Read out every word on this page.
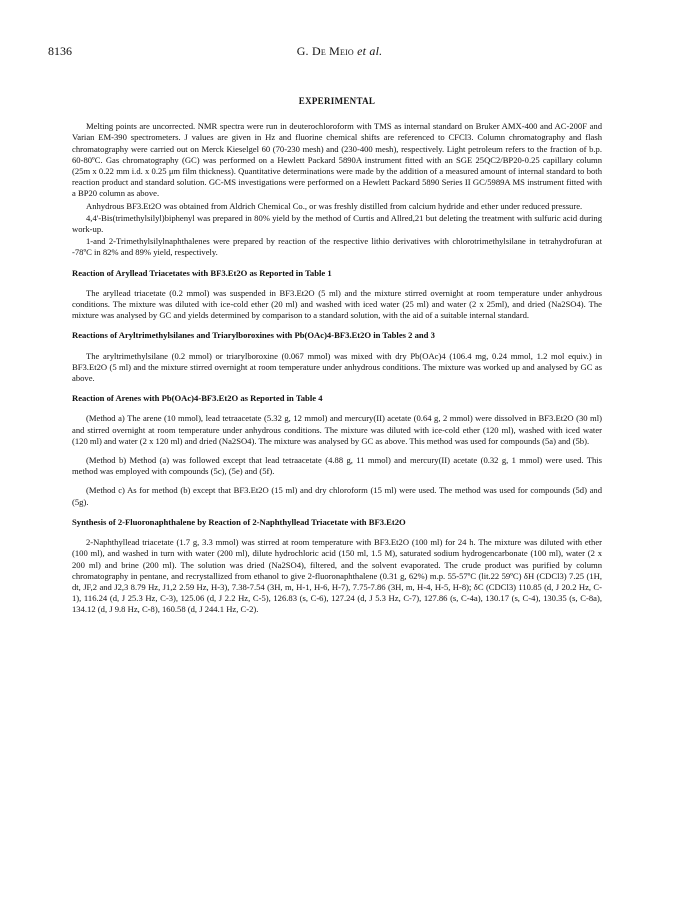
8136	G. De Meio et al.
EXPERIMENTAL

Melting points are uncorrected. NMR spectra were run in deuterochloroform with TMS as internal standard on Bruker AMX-400 and AC-200F and Varian EM-390 spectrometers. J values are given in Hz and fluorine chemical shifts are referenced to CFCl3. Column chromatography and flash chromatography were carried out on Merck Kieselgel 60 (70-230 mesh) and (230-400 mesh), respectively. Light petroleum refers to the fraction of b.p. 60-80ºC. Gas chromatography (GC) was performed on a Hewlett Packard 5890A instrument fitted with an SGE 25QC2/BP20-0.25 capillary column (25m x 0.22 mm i.d. x 0.25 μm film thickness). Quantitative determinations were made by the addition of a measured amount of internal standard to both reaction product and standard solution. GC-MS investigations were performed on a Hewlett Packard 5890 Series II GC/5989A MS instrument fitted with a BP20 column as above.

Anhydrous BF3.Et2O was obtained from Aldrich Chemical Co., or was freshly distilled from calcium hydride and ether under reduced pressure.

4,4'-Bis(trimethylsilyl)biphenyl was prepared in 80% yield by the method of Curtis and Allred,21 but deleting the treatment with sulfuric acid during work-up.

1-and 2-Trimethylsilylnaphthalenes were prepared by reaction of the respective lithio derivatives with chlorotrimethylsilane in tetrahydrofuran at -78ºC in 82% and 89% yield, respectively.

Reaction of Aryllead Triacetates with BF3.Et2O as Reported in Table 1

The aryllead triacetate (0.2 mmol) was suspended in BF3.Et2O (5 ml) and the mixture stirred overnight at room temperature under anhydrous conditions. The mixture was diluted with ice-cold ether (20 ml) and washed with iced water (25 ml) and water (2 x 25ml), and dried (Na2SO4). The mixture was analysed by GC and yields determined by comparison to a standard solution, with the aid of a suitable internal standard.

Reactions of Aryltrimethylsilanes and Triarylboroxines with Pb(OAc)4-BF3.Et2O in Tables 2 and 3

The aryltrimethylsilane (0.2 mmol) or triarylboroxine (0.067 mmol) was mixed with dry Pb(OAc)4 (106.4 mg, 0.24 mmol, 1.2 mol equiv.) in BF3.Et2O (5 ml) and the mixture stirred overnight at room temperature under anhydrous conditions. The mixture was worked up and analysed by GC as above.

Reaction of Arenes with Pb(OAc)4-BF3.Et2O as Reported in Table 4

(Method a) The arene (10 mmol), lead tetraacetate (5.32 g, 12 mmol) and mercury(II) acetate (0.64 g, 2 mmol) were dissolved in BF3.Et2O (30 ml) and stirred overnight at room temperature under anhydrous conditions. The mixture was diluted with ice-cold ether (120 ml), washed with iced water (120 ml) and water (2 x 120 ml) and dried (Na2SO4). The mixture was analysed by GC as above. This method was used for compounds (5a) and (5b).

(Method b) Method (a) was followed except that lead tetraacetate (4.88 g, 11 mmol) and mercury(II) acetate (0.32 g, 1 mmol) were used. This method was employed with compounds (5c), (5e) and (5f).

(Method c) As for method (b) except that BF3.Et2O (15 ml) and dry chloroform (15 ml) were used. The method was used for compounds (5d) and (5g).

Synthesis of 2-Fluoronaphthalene by Reaction of 2-Naphthyllead Triacetate with BF3.Et2O

2-Naphthyllead triacetate (1.7 g, 3.3 mmol) was stirred at room temperature with BF3.Et2O (100 ml) for 24 h. The mixture was diluted with ether (100 ml), and washed in turn with water (200 ml), dilute hydrochloric acid (150 ml, 1.5 M), saturated sodium hydrogencarbonate (100 ml), water (2 x 200 ml) and brine (200 ml). The solution was dried (Na2SO4), filtered, and the solvent evaporated. The crude product was purified by column chromatography in pentane, and recrystallized from ethanol to give 2-fluoronaphthalene (0.31 g, 62%) m.p. 55-57ºC (lit.22 59ºC) δH (CDCl3) 7.25 (1H, dt, JF,2 and J2,3 8.79 Hz, J1,2 2.59 Hz, H-3), 7.38-7.54 (3H, m, H-1, H-6, H-7), 7.75-7.86 (3H, m, H-4, H-5, H-8); δC (CDCl3) 110.85 (d, J 20.2 Hz, C-1), 116.24 (d, J 25.3 Hz, C-3), 125.06 (d, J 2.2 Hz, C-5), 126.83 (s, C-6), 127.24 (d, J 5.3 Hz, C-7), 127.86 (s, C-4a), 130.17 (s, C-4), 130.35 (s, C-8a), 134.12 (d, J 9.8 Hz, C-8), 160.58 (d, J 244.1 Hz, C-2).
